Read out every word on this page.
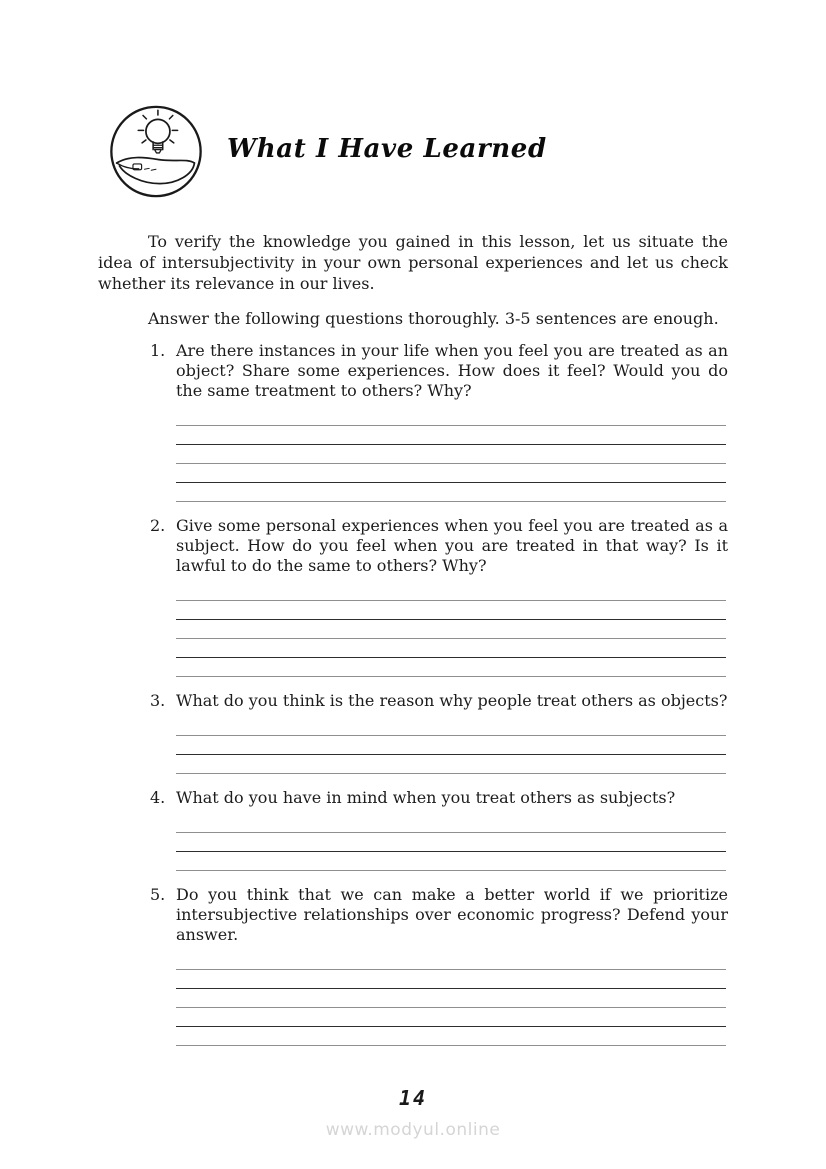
What I Have Learned

To verify the knowledge you gained in this lesson, let us situate the idea of intersubjectivity in your own personal experiences and let us check whether its relevance in our lives.

Answer the following questions thoroughly. 3-5 sentences are enough.

1. Are there instances in your life when you feel you are treated as an object? Share some experiences. How does it feel? Would you do the same treatment to others? Why?
2. Give some personal experiences when you feel you are treated as a subject. How do you feel when you are treated in that way? Is it lawful to do the same to others? Why?
3. What do you think is the reason why people treat others as objects?
4. What do you have in mind when you treat others as subjects?
5. Do you think that we can make a better world if we prioritize intersubjective relationships over economic progress? Defend your answer.
14
www.modyul.online
